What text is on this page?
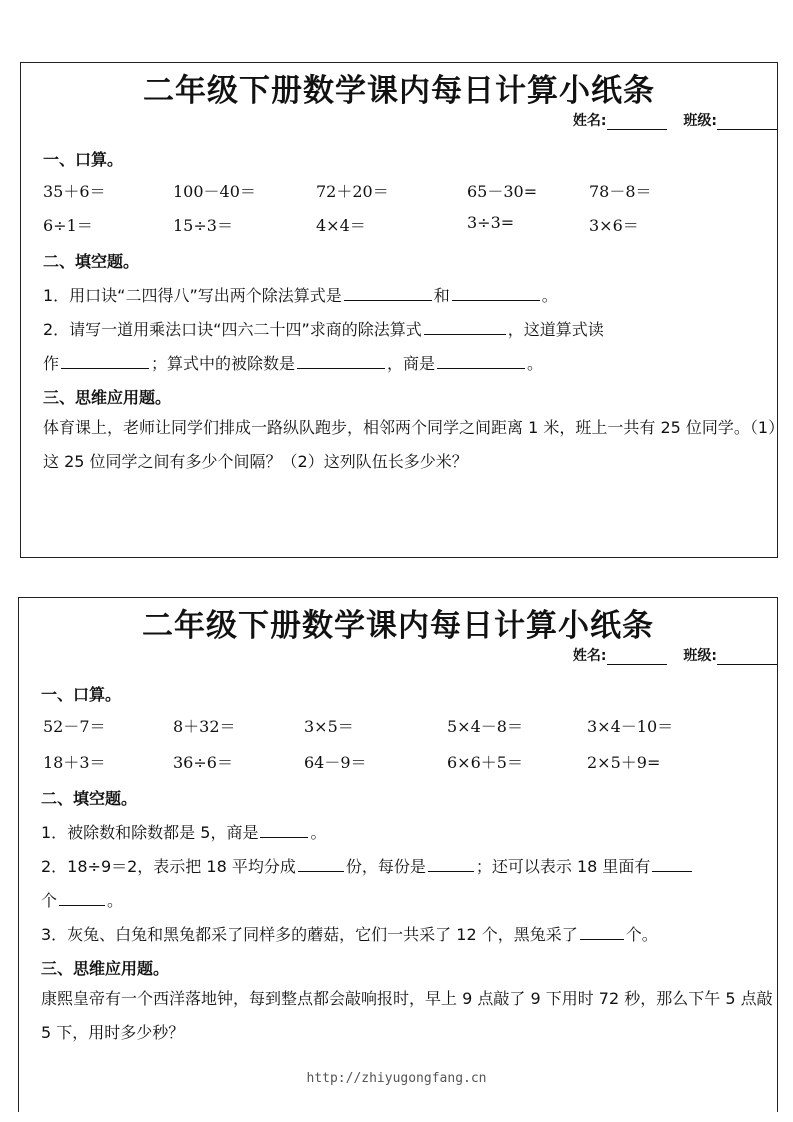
二年级下册数学课内每日计算小纸条
姓名:	班级:
一、口算。
35＋6＝	100－40＝	72＋20＝	65－30=	78－8＝
6÷1＝	15÷3＝	4×4＝	3÷3=	3×6＝
二、填空题。
1．用口诀“二四得八”写出两个除法算式是	和	。
2．请写一道用乘法口诀“四六二十四”求商的除法算式	，这道算式读
作	；算式中的被除数是	，商是	。
三、思维应用题。
体育课上，老师让同学们排成一路纵队跑步，相邻两个同学之间距离 1 米，班上一共有 25 位同学。（1）这 25 位同学之间有多少个间隔？（2）这列队伍长多少米？
二年级下册数学课内每日计算小纸条
姓名:	班级:
一、口算。
52－7＝	8＋32＝	3×5＝	5×4－8＝	3×4－10＝
18＋3＝	36÷6＝	64－9＝	6×6＋5＝	2×5＋9=
二、填空题。
1．被除数和除数都是 5，商是	。
2．18÷9＝2，表示把 18 平均分成	份，每份是	；还可以表示 18 里面有
个	。
3．灰兔、白兔和黑兔都采了同样多的蘑菇，它们一共采了 12 个，黑兔采了	个。
三、思维应用题。
康熙皇帝有一个西洋落地钟，每到整点都会敲响报时，早上 9 点敲了 9 下用时 72 秒，那么下午 5 点敲 5 下，用时多少秒？
http://zhiyugongfang.cn
